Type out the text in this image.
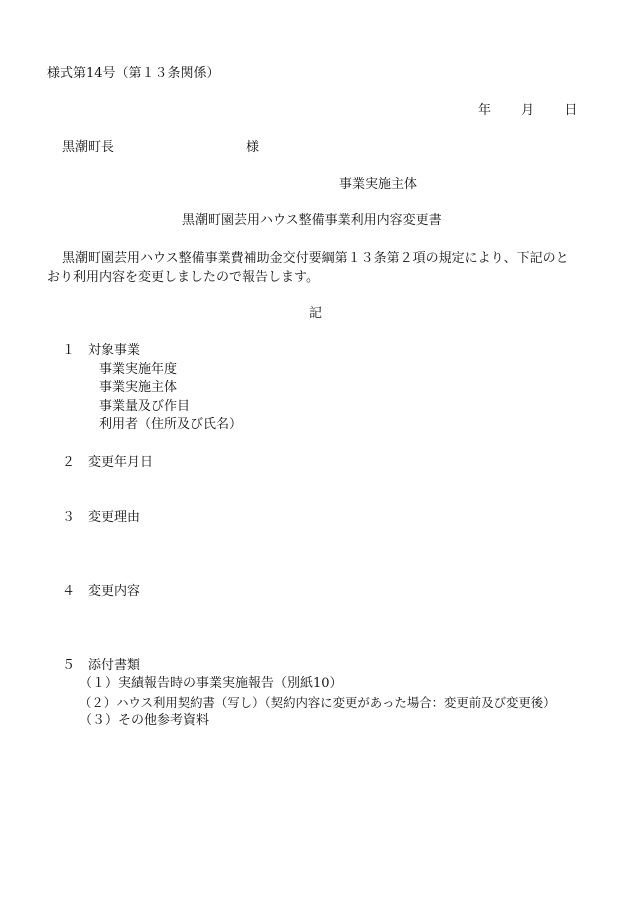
様式第14号（第１３条関係）
年 月 日
黒潮町長	様
事業実施主体
黒潮町園芸用ハウス整備事業利用内容変更書
黒潮町園芸用ハウス整備事業費補助金交付要綱第１３条第２項の規定により、下記のと
おり利用内容を変更しましたので報告します。
記
１ 対象事業
事業実施年度
事業実施主体
事業量及び作目
利用者（住所及び氏名）
２ 変更年月日
３ 変更理由
４ 変更内容
５ 添付書類
（１）実績報告時の事業実施報告（別紙10）
（２）ハウス利用契約書（写し）（契約内容に変更があった場合：変更前及び変更後）
（３）その他参考資料
